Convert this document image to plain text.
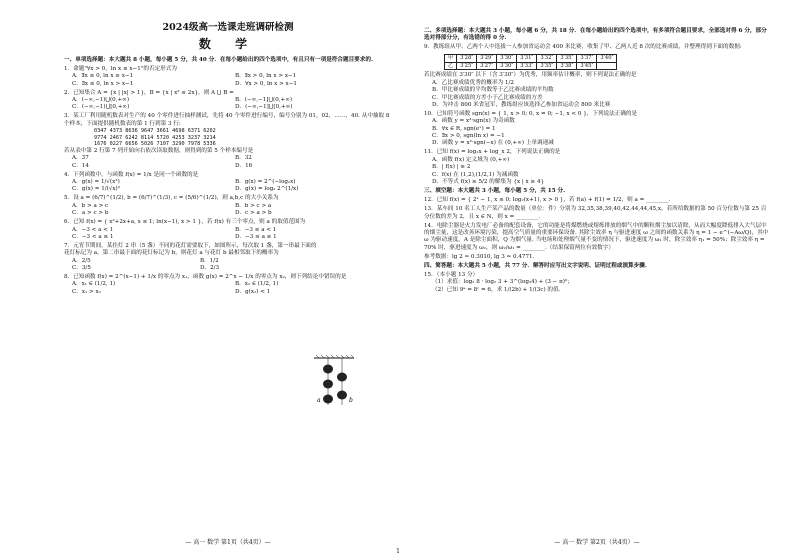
2024级高一选课走班调研检测
数 学
一、单项选择题：本大题共 8 小题，每小题 5 分，共 40 分．在每小题给出的四个选项中，有且只有一项是符合题目要求的.
1．命题"∀x > 0，ln x ≤ x−1"的否定形式为
A．∃x ≤ 0, ln x ≥ x−1	B．∃x > 0, ln x > x−1
C．∃x ≤ 0, ln x > x−1	D．∀x > 0, ln x > x−1
2．已知集合 A = {x | |x| > 1}，B = {x | x² ≤ 2x}，则 A ⋃ B =
A．(−∞,−1)⋃(0,+∞)	B．(−∞,−1]⋃(0,+∞)
C．(−∞,−1)⋃[0,+∞)	D．(−∞,−1]⋃[0,+∞)
3．某工厂利用随机数表对生产的 40 个零件进行抽样测试，先将 40 个零件进行编号，编号分别为 01，02，……，40. 从中抽取 8 个样本，下面提供随机数表的第 1 行到第 3 行:
0347 4373 8636 9647 3661 4698 6371 6202
9774 2467 6242 8114 5720 4253 3237 3214
1676 0227 6656 5026 7107 3290 7978 5336
若从表中第 2 行第 7 列开始向右依次读取数据，则得到的第 5 个样本编号是
A．37	B．32
C．14	D．16
4．下列函数中，与函数 f(x) = 1/x 是同一个函数的是
A．g(x) = 1/√(x²)	B．g(x) = 2^(−log₂x)
C．g(x) = 1/(√x)²	D．g(x) = log₂ 2^(1/x)
5．设 a = (6/7)^(1/2), b = (6/7)^(1/3), c = (5/6)^(1/2)，则 a,b,c 的大小关系为
A．b > a > c	B．b > c > a
C．a > c > b	D．c > a > b
6．已知 f(x) = { x²+2x+a, x ≤ 1; ln(x−1), x > 1 }，若 f(x) 有三个零点，则 a 的取值范围为
A．−3 < a < 1	B．−3 ≤ a < 1
C．−3 < a ≤ 1	D．−3 ≤ a ≤ 1
7．元宵节期间，某挂灯 2 串（5 盏）不同的花灯需要取下，如图所示，每次取 1 盏，第一串最下面的花灯标记为 a，第二串最下面的花灯标记为 b，则花灯 a 与花灯 b 最相邻取下的概率为
A．2/5	B．1/2
C．3/5	D．2/3
8．已知函数 f(x) = 2^(x−1) + 1/x 的零点为 x₁，函数 g(x) = 2^x − 1/x 的零点为 x₂，则下列结论中错误的是
A．x₁ ∈ (1/2, 1)	B．x₂ ∈ (1/2, 1)
C．x₁ > x₂	D．g(x₁) < 1
a	b
二、多项选择题：本大题共 3 小题，每小题 6 分，共 18 分．在每小题给出的四个选项中，有多项符合题目要求，全部选对得 6 分，部分选对得部分分，有选错的得 0 分.
9．教练组从甲、乙两个人中选拔一人参加省运动会 400 米比赛，收集了甲、乙两人近 8 次的比赛成绩，并整理得到下面的数据:
甲	3′28″	3′29″	3′30″	3′31″	3′32″	3′35″	3′37″	3′40″
乙	3′25″	3′27″	3′30″	3′33″	3′35″	3′38″	3′45″	
若比赛成绩在 3′30″ 以下（含 3′30″）为优秀，用频率估计概率，则下列说法正确的是
A．乙比赛成绩优秀的概率为 1/2
B．甲比赛成绩的平均数等于乙比赛成绩的平均数
C．甲比赛成绩的方差小于乙比赛成绩的方差
D．为冲击 800 米省冠军，教练组应该选择乙参加省运动会 800 米比赛
10．已知符号函数 sgn(x) = { 1, x > 0; 0, x = 0; −1, x < 0 }，下列说法正确的是
A．函数 y = x³·sgn(x) 为奇函数
B．∀x ∈ R, sgn(eˣ) = 1
C．∃x > 0, sgn(ln x) = −1
D．函数 y = x²·sgn(−x) 在 (0,+∞) 上单调递减
11．已知 f(x) = log₂x + log_x 2，下列说法正确的是
A．函数 f(x) 定义域为 (0,+∞)
B．| f(x) | ≥ 2
C．f(x) 在 (1,2),(1/2,1) 为减函数
D．不等式 f(x) ≥ 5/2 的解集为 {x | x ≥ 4}
三、填空题：本大题共 3 小题，每小题 5 分，共 15 分.
12．已知 f(x) = { 2ˣ − 1, x ≤ 0; log₂(x+1), x > 0 }，若 f(a) + f(1) = 1/2，则 a = ________.
13．某车间 10 名工人生产某产品的数量（单位：件）分别为 32,35,38,39,40,42,44,44,45,x，若所给数据的第 50 百分位数与第 25 百分位数的差为 2，且 x ∈ N，则 x = ________.
14．电除尘器是火力发电厂必备的配套设备，它的功能是将煤燃烧或熔炼排放的烟气中的颗粒烟尘加以清除，从而大幅度降低排入大气层中的烟尘量，这是改善环境污染，提高空气质量的重要环保设备. 其除尘效率 η 与驱进速度 ω 之间的函数关系为 η = 1 − e^(−Aω/Q)，其中 ω 为驱动速度，A 是除尘面积，Q 为烟气量. 当电场和处理烟气量不变的情况下，驱进速度为 ω₁ 时，除尘效率 η₁ = 50%；除尘效率 η = 70% 时，驱进速度为 ω₂，则 ω₂/ω₁ = ________.（结果保留两位有效数字）
参考数据：lg 2 ≈ 0.3010, lg 3 ≈ 0.4771.
四、简答题：本大题共 5 小题，共 77 分．解答时应写出文字说明、证明过程或演算步骤.
15．（本小题 13 分）
（1）求值：log₃ 8 · log₂ 3 + 3^(log₃4) + (3 − π)⁰；
（2）已知 9ᵃ = 8ᶜ = 6，求 1/(2b) + 1/(3c) 的值.
— 高一 数学 第1页（共4页）—	— 高一 数学 第2页（共4页）—
1
